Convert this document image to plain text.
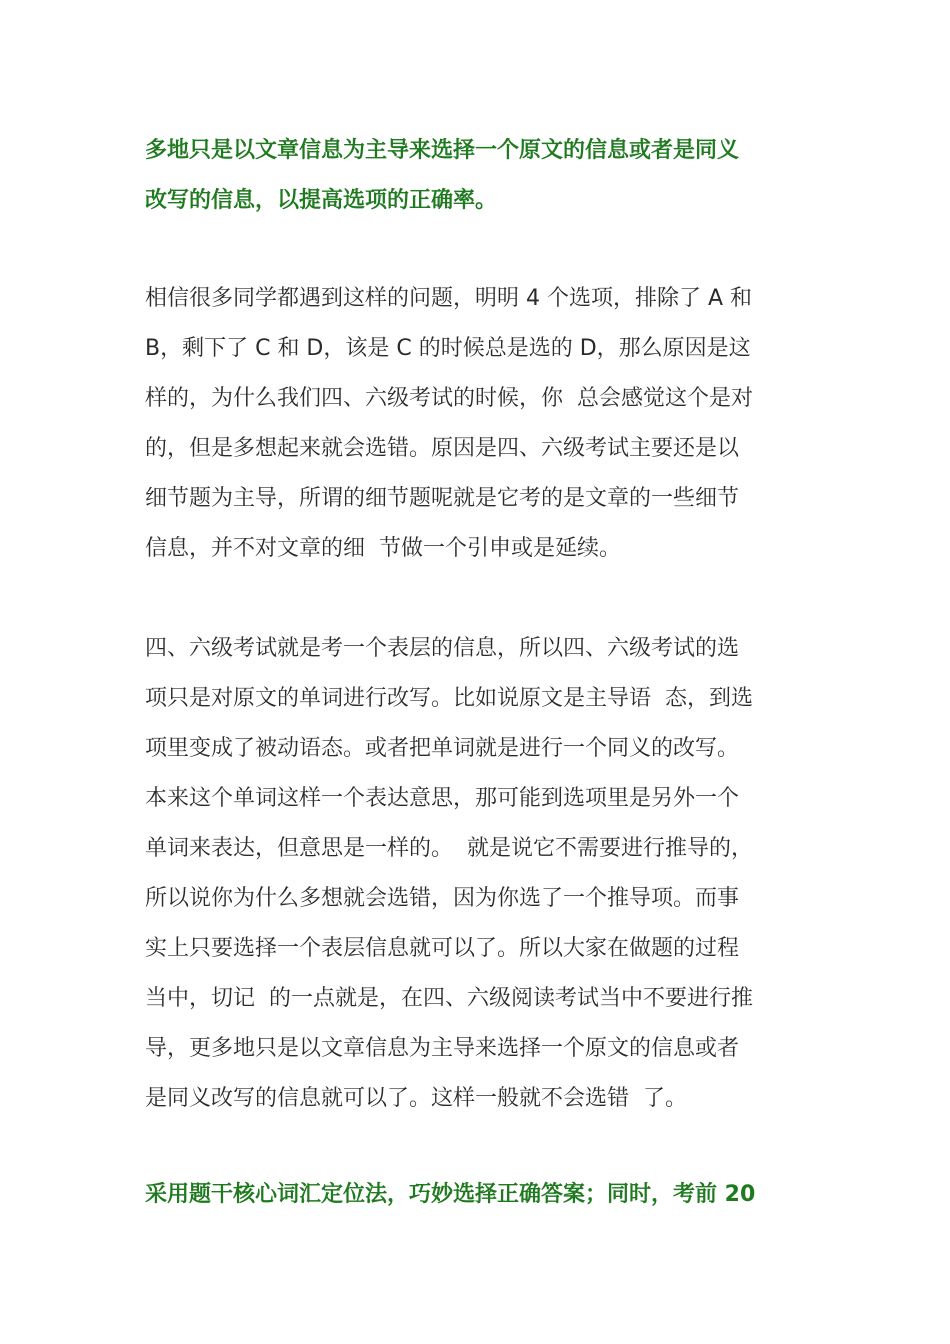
多地只是以文章信息为主导来选择一个原文的信息或者是同义
改写的信息，以提高选项的正确率。
相信很多同学都遇到这样的问题，明明 4 个选项，排除了 A 和
B，剩下了 C 和 D，该是 C 的时候总是选的 D，那么原因是这
样的，为什么我们四、六级考试的时候，你  总会感觉这个是对
的，但是多想起来就会选错。原因是四、六级考试主要还是以
细节题为主导，所谓的细节题呢就是它考的是文章的一些细节
信息，并不对文章的细  节做一个引申或是延续。
四、六级考试就是考一个表层的信息，所以四、六级考试的选
项只是对原文的单词进行改写。比如说原文是主导语  态，到选
项里变成了被动语态。或者把单词就是进行一个同义的改写。
本来这个单词这样一个表达意思，那可能到选项里是另外一个
单词来表达，但意思是一样的。  就是说它不需要进行推导的，
所以说你为什么多想就会选错，因为你选了一个推导项。而事
实上只要选择一个表层信息就可以了。所以大家在做题的过程
当中，切记  的一点就是，在四、六级阅读考试当中不要进行推
导，更多地只是以文章信息为主导来选择一个原文的信息或者
是同义改写的信息就可以了。这样一般就不会选错  了。
采用题干核心词汇定位法，巧妙选择正确答案；同时，考前 20
